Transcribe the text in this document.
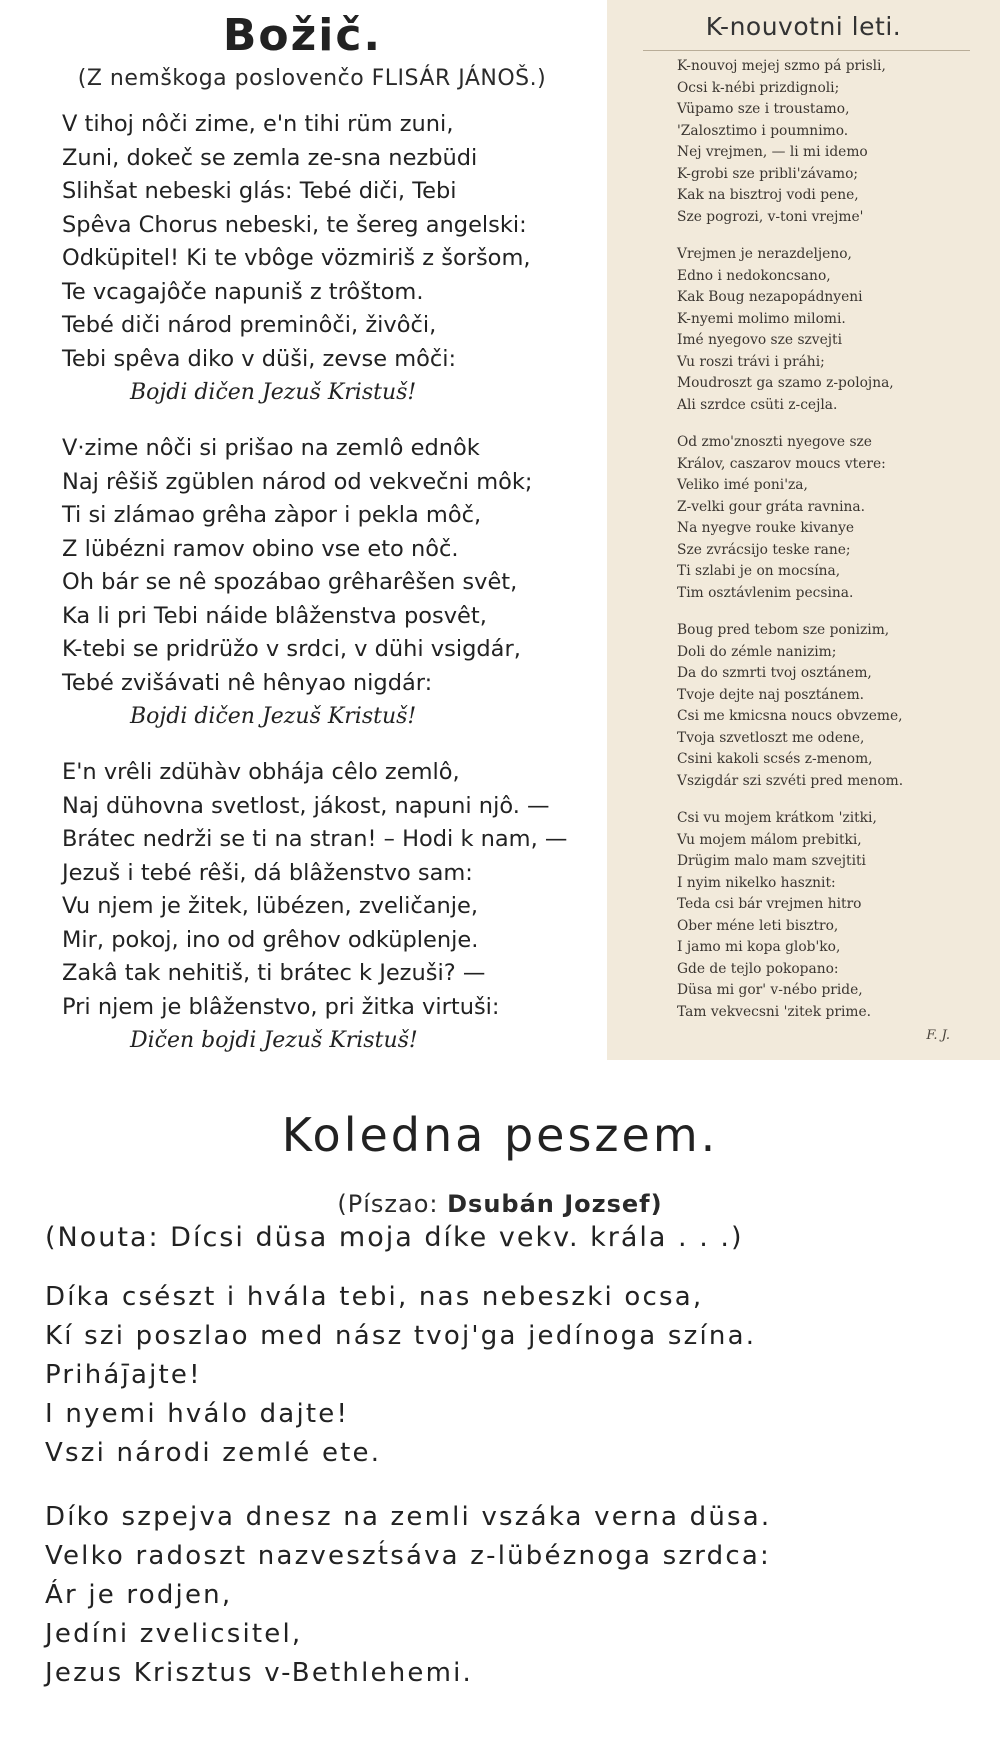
Božič.
(Z nemškoga poslovenčo FLISÁR JÁNOŠ.)
V tihoj nôči zime, e'n tihi rüm zuni,
Zuni, dokeč se zemla ze-sna nezbüdi
Slihšat nebeski glás: Tebé diči, Tebi
Spêva Chorus nebeski, te šereg angelski:
Odküpitel! Ki te vbôge vözmiriš z šoršom,
Te vcagajôče napuniš z trôštom.
Tebé diči národ preminôči, živôči,
Tebi spêva diko v düši, zevse môči:
Bojdi dičen Jezuš Kristuš!
V·zime nôči si prišao na zemlô ednôk
Naj rêšiš zgüblen národ od vekvečni môk;
Ti si zlámao grêha zàpor i pekla môč,
Z lübézni ramov obino vse eto nôč.
Oh bár se nê spozábao grêharêšen svêt,
Ka li pri Tebi náide blâženstva posvêt,
K-tebi se pridrüžo v srdci, v dühi vsigdár,
Tebé zvišávati nê hênyao nigdár:
Bojdi dičen Jezuš Kristuš!
E'n vrêli zdühàv obhája cêlo zemlô,
Naj dühovna svetlost, jákost, napuni njô. —
Brátec nedrži se ti na stran! – Hodi k nam, —
Jezuš i tebé rêši, dá blâženstvo sam:
Vu njem je žitek, lübézen, zveličanje,
Mir, pokoj, ino od grêhov odküplenje.
Zakâ tak nehitiš, ti brátec k Jezuši? —
Pri njem je blâženstvo, pri žitka virtuši:
Dičen bojdi Jezuš Kristuš!
K-nouvotni leti.
K-nouvoj mejej szmo pá prisli,
Ocsi k-nébi prizdignoli;
Vüpamo sze i troustamo,
'Zalosztimo i poumnimo.
Nej vrejmen, — li mi idemo
K-grobi sze pribli'závamo;
Kak na bisztroj vodi pene,
Sze pogrozi, v-toni vrejme'
Vrejmen je nerazdeljeno,
Edno i nedokoncsano,
Kak Boug nezapopádnyeni
K-nyemi molimo milomi.
Imé nyegovo sze szvejti
Vu roszi trávi i práhi;
Moudroszt ga szamo z-polojna,
Ali szrdce csüti z-cejla.
Od zmo'znoszti nyegove sze
Králov, caszarov moucs vtere:
Veliko imé poni'za,
Z-velki gour gráta ravnina.
Na nyegve rouke kivanye
Sze zvrácsijo teske rane;
Ti szlabi je on mocsína,
Tim osztávlenim pecsina.
Boug pred tebom sze ponizim,
Doli do zémle nanizim;
Da do szmrti tvoj osztánem,
Tvoje dejte naj posztánem.
Csi me kmicsna noucs obvzeme,
Tvoja szvetloszt me odene,
Csini kakoli scsés z-menom,
Vszigdár szi szvéti pred menom.
Csi vu mojem krátkom 'zitki,
Vu mojem málom prebitki,
Drügim malo mam szvejtiti
I nyim nikelko hasznit:
Teda csi bár vrejmen hitro
Ober méne leti bisztro,
I jamo mi kopa glob'ko,
Gde de tejlo pokopano:
Düsa mi gor' v-nébo pride,
Tam vekvecsni 'zitek prime.
F. J.
Koledna peszem.
(Píszao: Dsubán Jozsef)
(Nouta: Dícsi düsa moja díke vekv. krála . . .)
Díka csészt i hvála tebi, nas nebeszki ocsa,
Kí szi poszlao med nász tvoj'ga jedínoga szína.
Priháj̄ajte!
I nyemi hválo dajte!
Vszi národi zemlé ete.
Díko szpejva dnesz na zemli vszáka verna düsa.
Velko radoszt nazveszt́sáva z-lübéznoga szrdca:
Ár je rodjen,
Jedíni zvelicsitel,
Jezus Krisztus v-Bethlehemi.
